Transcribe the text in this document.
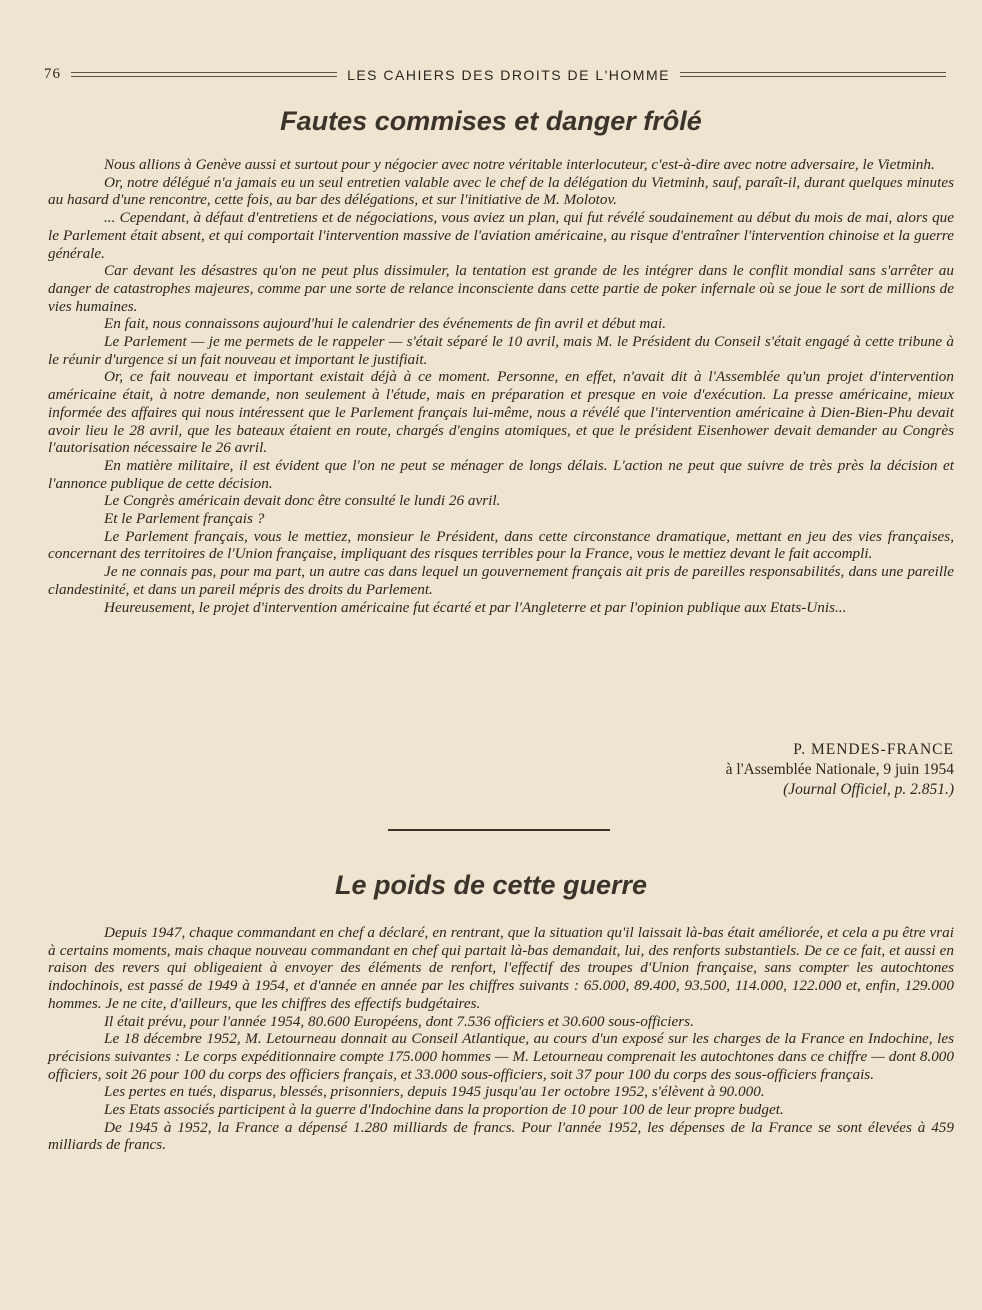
76	LES CAHIERS DES DROITS DE L'HOMME
Fautes commises et danger frôlé

Nous allions à Genève aussi et surtout pour y négocier avec notre véritable interlocuteur, c'est-à-dire avec notre adversaire, le Vietminh.

Or, notre délégué n'a jamais eu un seul entretien valable avec le chef de la délégation du Vietminh, sauf, paraît-il, durant quelques minutes au hasard d'une rencontre, cette fois, au bar des délégations, et sur l'initiative de M. Molotov.

... Cependant, à défaut d'entretiens et de négociations, vous aviez un plan, qui fut révélé soudainement au début du mois de mai, alors que le Parlement était absent, et qui comportait l'intervention massive de l'aviation américaine, au risque d'entraîner l'intervention chinoise et la guerre générale.

Car devant les désastres qu'on ne peut plus dissimuler, la tentation est grande de les intégrer dans le conflit mondial sans s'arrêter au danger de catastrophes majeures, comme par une sorte de relance inconsciente dans cette partie de poker infernale où se joue le sort de millions de vies humaines.

En fait, nous connaissons aujourd'hui le calendrier des événements de fin avril et début mai.

Le Parlement — je me permets de le rappeler — s'était séparé le 10 avril, mais M. le Président du Conseil s'était engagé à cette tribune à le réunir d'urgence si un fait nouveau et important le justifiait.

Or, ce fait nouveau et important existait déjà à ce moment. Personne, en effet, n'avait dit à l'Assemblée qu'un projet d'intervention américaine était, à notre demande, non seulement à l'étude, mais en préparation et presque en voie d'exécution. La presse américaine, mieux informée des affaires qui nous intéressent que le Parlement français lui-même, nous a révélé que l'intervention américaine à Dien-Bien-Phu devait avoir lieu le 28 avril, que les bateaux étaient en route, chargés d'engins atomiques, et que le président Eisenhower devait demander au Congrès l'autorisation nécessaire le 26 avril.

En matière militaire, il est évident que l'on ne peut se ménager de longs délais. L'action ne peut que suivre de très près la décision et l'annonce publique de cette décision.

Le Congrès américain devait donc être consulté le lundi 26 avril.

Et le Parlement français ?

Le Parlement français, vous le mettiez, monsieur le Président, dans cette circonstance dramatique, mettant en jeu des vies françaises, concernant des territoires de l'Union française, impliquant des risques terribles pour la France, vous le mettiez devant le fait accompli.

Je ne connais pas, pour ma part, un autre cas dans lequel un gouvernement français ait pris de pareilles responsabilités, dans une pareille clandestinité, et dans un pareil mépris des droits du Parlement.

Heureusement, le projet d'intervention américaine fut écarté et par l'Angleterre et par l'opinion publique aux Etats-Unis...

P. MENDES-FRANCE
à l'Assemblée Nationale, 9 juin 1954
(Journal Officiel, p. 2.851.)
Le poids de cette guerre

Depuis 1947, chaque commandant en chef a déclaré, en rentrant, que la situation qu'il laissait là-bas était améliorée, et cela a pu être vrai à certains moments, mais chaque nouveau commandant en chef qui partait là-bas demandait, lui, des renforts substantiels. De ce ce fait, et aussi en raison des revers qui obligeaient à envoyer des éléments de renfort, l'effectif des troupes d'Union française, sans compter les autochtones indochinois, est passé de 1949 à 1954, et d'année en année par les chiffres suivants : 65.000, 89.400, 93.500, 114.000, 122.000 et, enfin, 129.000 hommes. Je ne cite, d'ailleurs, que les chiffres des effectifs budgétaires.

Il était prévu, pour l'année 1954, 80.600 Européens, dont 7.536 officiers et 30.600 sous-officiers.

Le 18 décembre 1952, M. Letourneau donnait au Conseil Atlantique, au cours d'un exposé sur les charges de la France en Indochine, les précisions suivantes : Le corps expéditionnaire compte 175.000 hommes — M. Letourneau comprenait les autochtones dans ce chiffre — dont 8.000 officiers, soit 26 pour 100 du corps des officiers français, et 33.000 sous-officiers, soit 37 pour 100 du corps des sous-officiers français.

Les pertes en tués, disparus, blessés, prisonniers, depuis 1945 jusqu'au 1er octobre 1952, s'élèvent à 90.000.

Les Etats associés participent à la guerre d'Indochine dans la proportion de 10 pour 100 de leur propre budget.

De 1945 à 1952, la France a dépensé 1.280 milliards de francs. Pour l'année 1952, les dépenses de la France se sont élevées à 459 milliards de francs.
